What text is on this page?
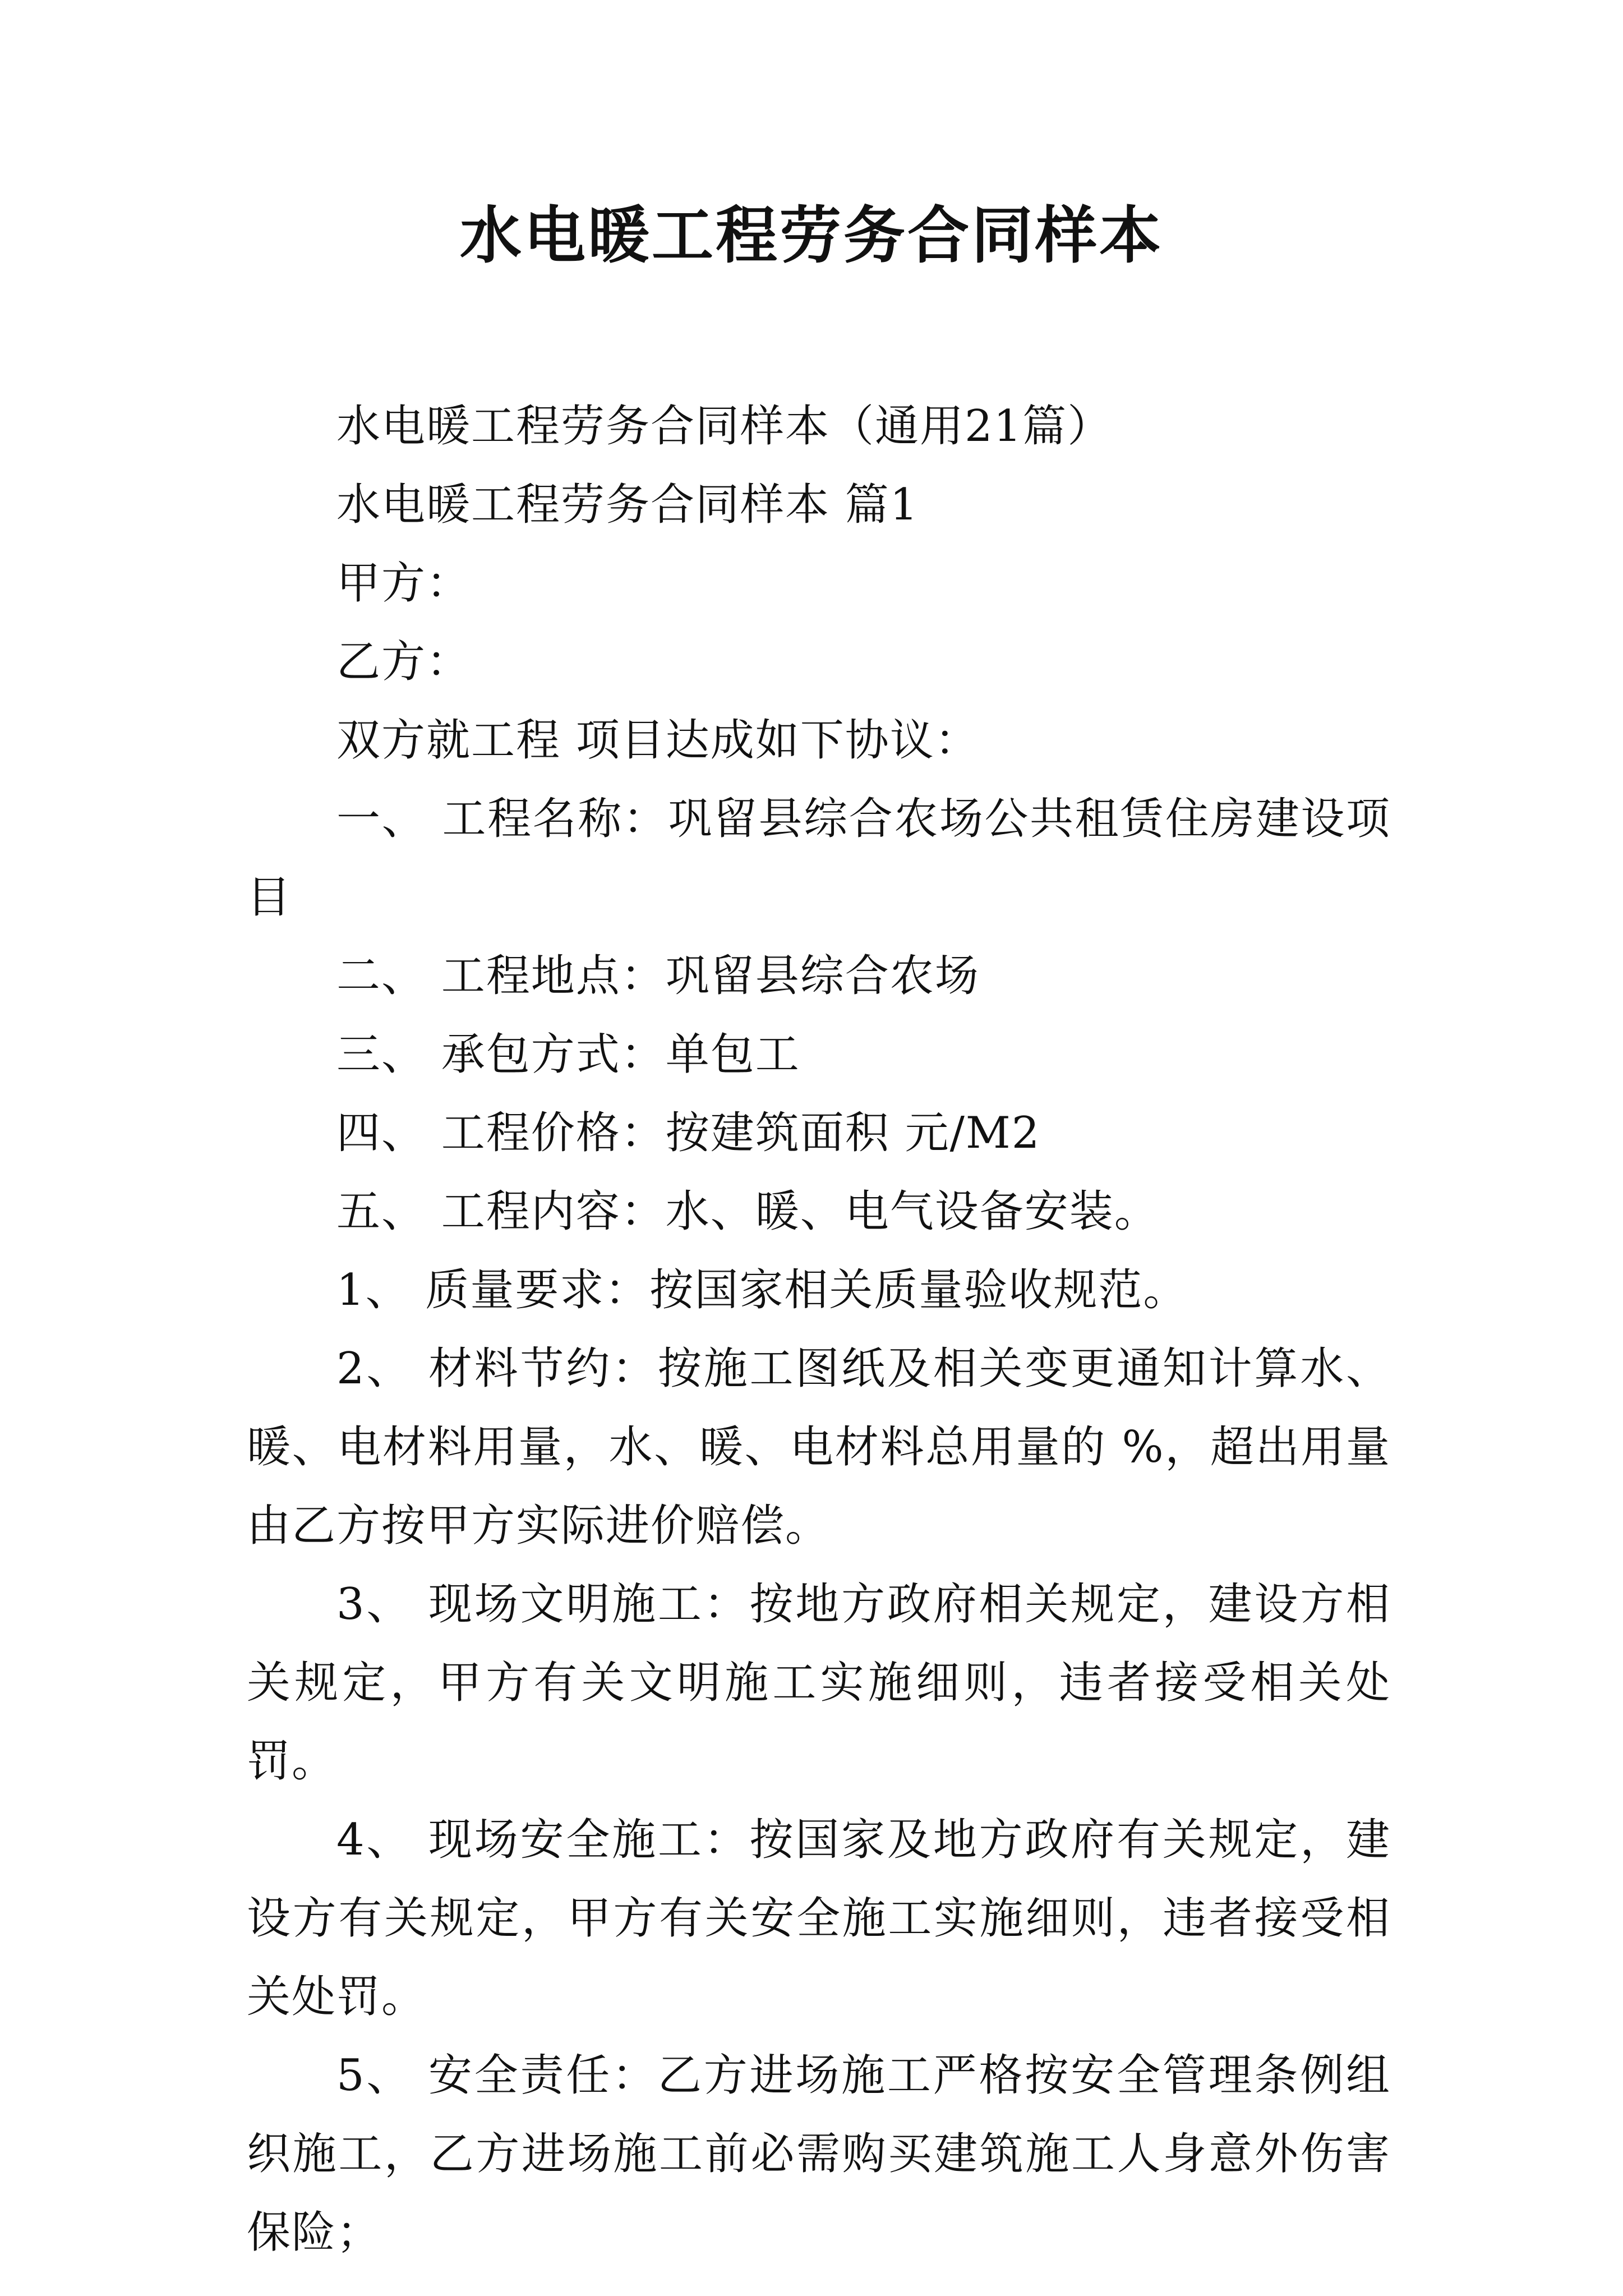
水电暖工程劳务合同样本

水电暖工程劳务合同样本（通用21篇）

水电暖工程劳务合同样本 篇1

甲方：

乙方：

双方就工程 项目达成如下协议：

一、 工程名称：巩留县综合农场公共租赁住房建设项目

二、 工程地点：巩留县综合农场

三、 承包方式：单包工

四、 工程价格：按建筑面积 元/M2

五、 工程内容：水、暖、电气设备安装。

1、 质量要求：按国家相关质量验收规范。

2、 材料节约：按施工图纸及相关变更通知计算水、暖、电材料用量，水、暖、电材料总用量的 %，超出用量由乙方按甲方实际进价赔偿。

3、 现场文明施工：按地方政府相关规定，建设方相关规定，甲方有关文明施工实施细则，违者接受相关处罚。

4、 现场安全施工：按国家及地方政府有关规定，建设方有关规定，甲方有关安全施工实施细则，违者接受相关处罚。

5、 安全责任：乙方进场施工严格按安全管理条例组织施工，乙方进场施工前必需购买建筑施工人身意外伤害保险；
